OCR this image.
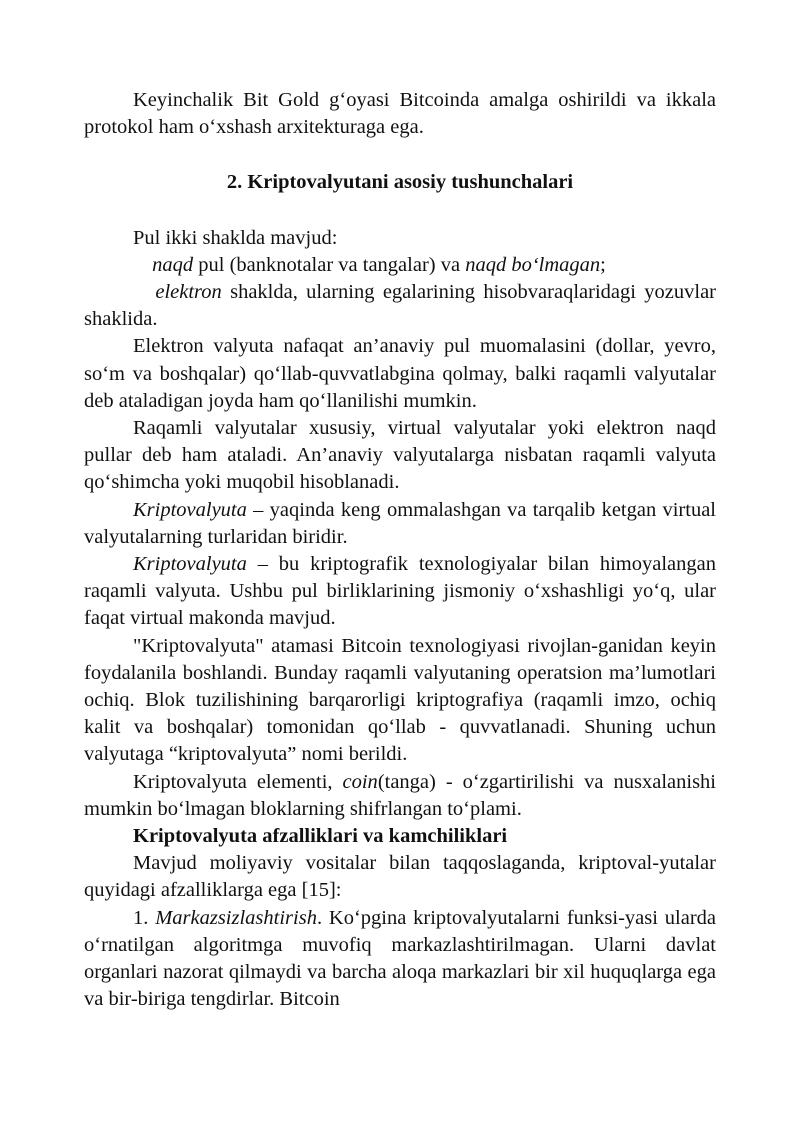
Keyinchalik Bit Gold g‘oyasi Bitcoinda amalga oshirildi va ikkala protokol ham o‘xshash arxitekturaga ega.

2. Kriptovalyutani asosiy tushunchalari

Pul ikki shaklda mavjud:

naqd pul (banknotalar va tangalar) va naqd bo‘lmagan;

elektron shaklda, ularning egalarining hisobvaraqlaridagi yozuvlar shaklida.

Elektron valyuta nafaqat an’anaviy pul muomalasini (dollar, yevro, so‘m va boshqalar) qo‘llab-quvvatlabgina qolmay, balki raqamli valyutalar deb ataladigan joyda ham qo‘llanilishi mumkin.

Raqamli valyutalar xususiy, virtual valyutalar yoki elektron naqd pullar deb ham ataladi. An’anaviy valyutalarga nisbatan raqamli valyuta qo‘shimcha yoki muqobil hisoblanadi.

Kriptovalyuta – yaqinda keng ommalashgan va tarqalib ketgan virtual valyutalarning turlaridan biridir.

Kriptovalyuta – bu kriptografik texnologiyalar bilan himoyalangan raqamli valyuta. Ushbu pul birliklarining jismoniy o‘xshashligi yo‘q, ular faqat virtual makonda mavjud.

"Kriptovalyuta" atamasi Bitcoin texnologiyasi rivojlan-ganidan keyin foydalanila boshlandi. Bunday raqamli valyutaning operatsion ma’lumotlari ochiq. Blok tuzilishining barqarorligi kriptografiya (raqamli imzo, ochiq kalit va boshqalar) tomonidan qo‘llab - quvvatlanadi. Shuning uchun valyutaga “kriptovalyuta” nomi berildi.

Kriptovalyuta elementi, coin(tanga) - o‘zgartirilishi va nusxalanishi mumkin bo‘lmagan bloklarning shifrlangan to‘plami.

Kriptovalyuta afzalliklari va kamchiliklari

Mavjud moliyaviy vositalar bilan taqqoslaganda, kriptoval-yutalar quyidagi afzalliklarga ega [15]:

1. Markazsizlashtirish. Ko‘pgina kriptovalyutalarni funksi-yasi ularda o‘rnatilgan algoritmga muvofiq markazlashtirilmagan. Ularni davlat organlari nazorat qilmaydi va barcha aloqa markazlari bir xil huquqlarga ega va bir-biriga tengdirlar. Bitcoin
